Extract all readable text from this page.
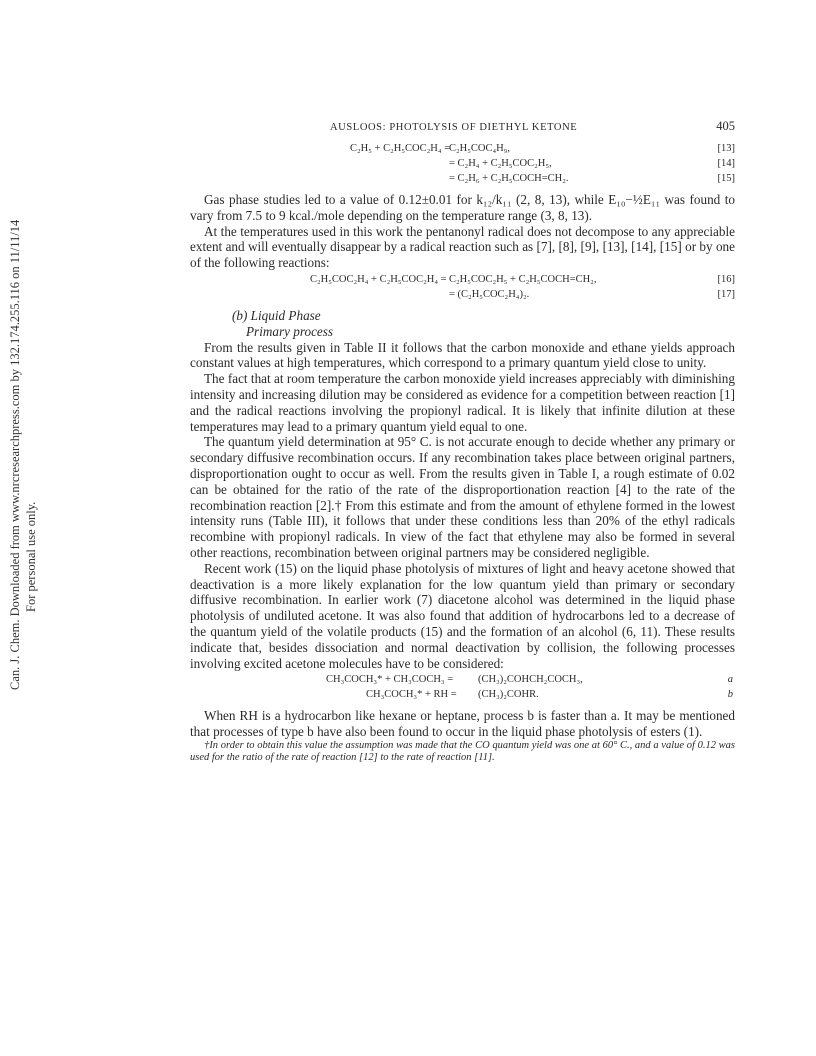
Can. J. Chem. Downloaded from www.nrcresearchpress.com by 132.174.255.116 on 11/11/14 For personal use only.
AUSLOOS: PHOTOLYSIS OF DIETHYL KETONE	405
C₂H₅ + C₂H₅COC₂H₄ =
C₂H₅COC₄H₉,	[13]
= C₂H₄ + C₂H₅COC₂H₅,	[14]
= C₂H₆ + C₂H₅COCH=CH₂.	[15]

Gas phase studies led to a value of 0.12±0.01 for k₁₂/k₁₁ (2, 8, 13), while E₁₀−½E₁₁ was found to vary from 7.5 to 9 kcal./mole depending on the temperature range (3, 8, 13).

At the temperatures used in this work the pentanonyl radical does not decompose to any appreciable extent and will eventually disappear by a radical reaction such as [7], [8], [9], [13], [14], [15] or by one of the following reactions:

C₂H₅COC₂H₄ + C₂H₅COC₂H₄ = C₂H₅COC₂H₅ + C₂H₅COCH=CH₂,	[16]
= (C₂H₅COC₂H₄)₂.	[17]

(b) Liquid Phase

Primary process

From the results given in Table II it follows that the carbon monoxide and ethane yields approach constant values at high temperatures, which correspond to a primary quantum yield close to unity.

The fact that at room temperature the carbon monoxide yield increases appreciably with diminishing intensity and increasing dilution may be considered as evidence for a competition between reaction [1] and the radical reactions involving the propionyl radical. It is likely that infinite dilution at these temperatures may lead to a primary quantum yield equal to one.

The quantum yield determination at 95° C. is not accurate enough to decide whether any primary or secondary diffusive recombination occurs. If any recombination takes place between original partners, disproportionation ought to occur as well. From the results given in Table I, a rough estimate of 0.02 can be obtained for the ratio of the rate of the disproportionation reaction [4] to the rate of the recombination reaction [2].† From this estimate and from the amount of ethylene formed in the lowest intensity runs (Table III), it follows that under these conditions less than 20% of the ethyl radicals recombine with propionyl radicals. In view of the fact that ethylene may also be formed in several other reactions, recombination between original partners may be considered negligible.

Recent work (15) on the liquid phase photolysis of mixtures of light and heavy acetone showed that deactivation is a more likely explanation for the low quantum yield than primary or secondary diffusive recombination. In earlier work (7) diacetone alcohol was determined in the liquid phase photolysis of undiluted acetone. It was also found that addition of hydrocarbons led to a decrease of the quantum yield of the volatile products (15) and the formation of an alcohol (6, 11). These results indicate that, besides dissociation and normal deactivation by collision, the following processes involving excited acetone molecules have to be considered:

CH₃COCH₃* + CH₃COCH₃ = (CH₃)₂COHCH₂COCH₃,	a
CH₃COCH₃* + RH = (CH₃)₂COHR.	b

When RH is a hydrocarbon like hexane or heptane, process b is faster than a. It may be mentioned that processes of type b have also been found to occur in the liquid phase photolysis of esters (1).

†In order to obtain this value the assumption was made that the CO quantum yield was one at 60° C., and a value of 0.12 was used for the ratio of the rate of reaction [12] to the rate of reaction [11].
